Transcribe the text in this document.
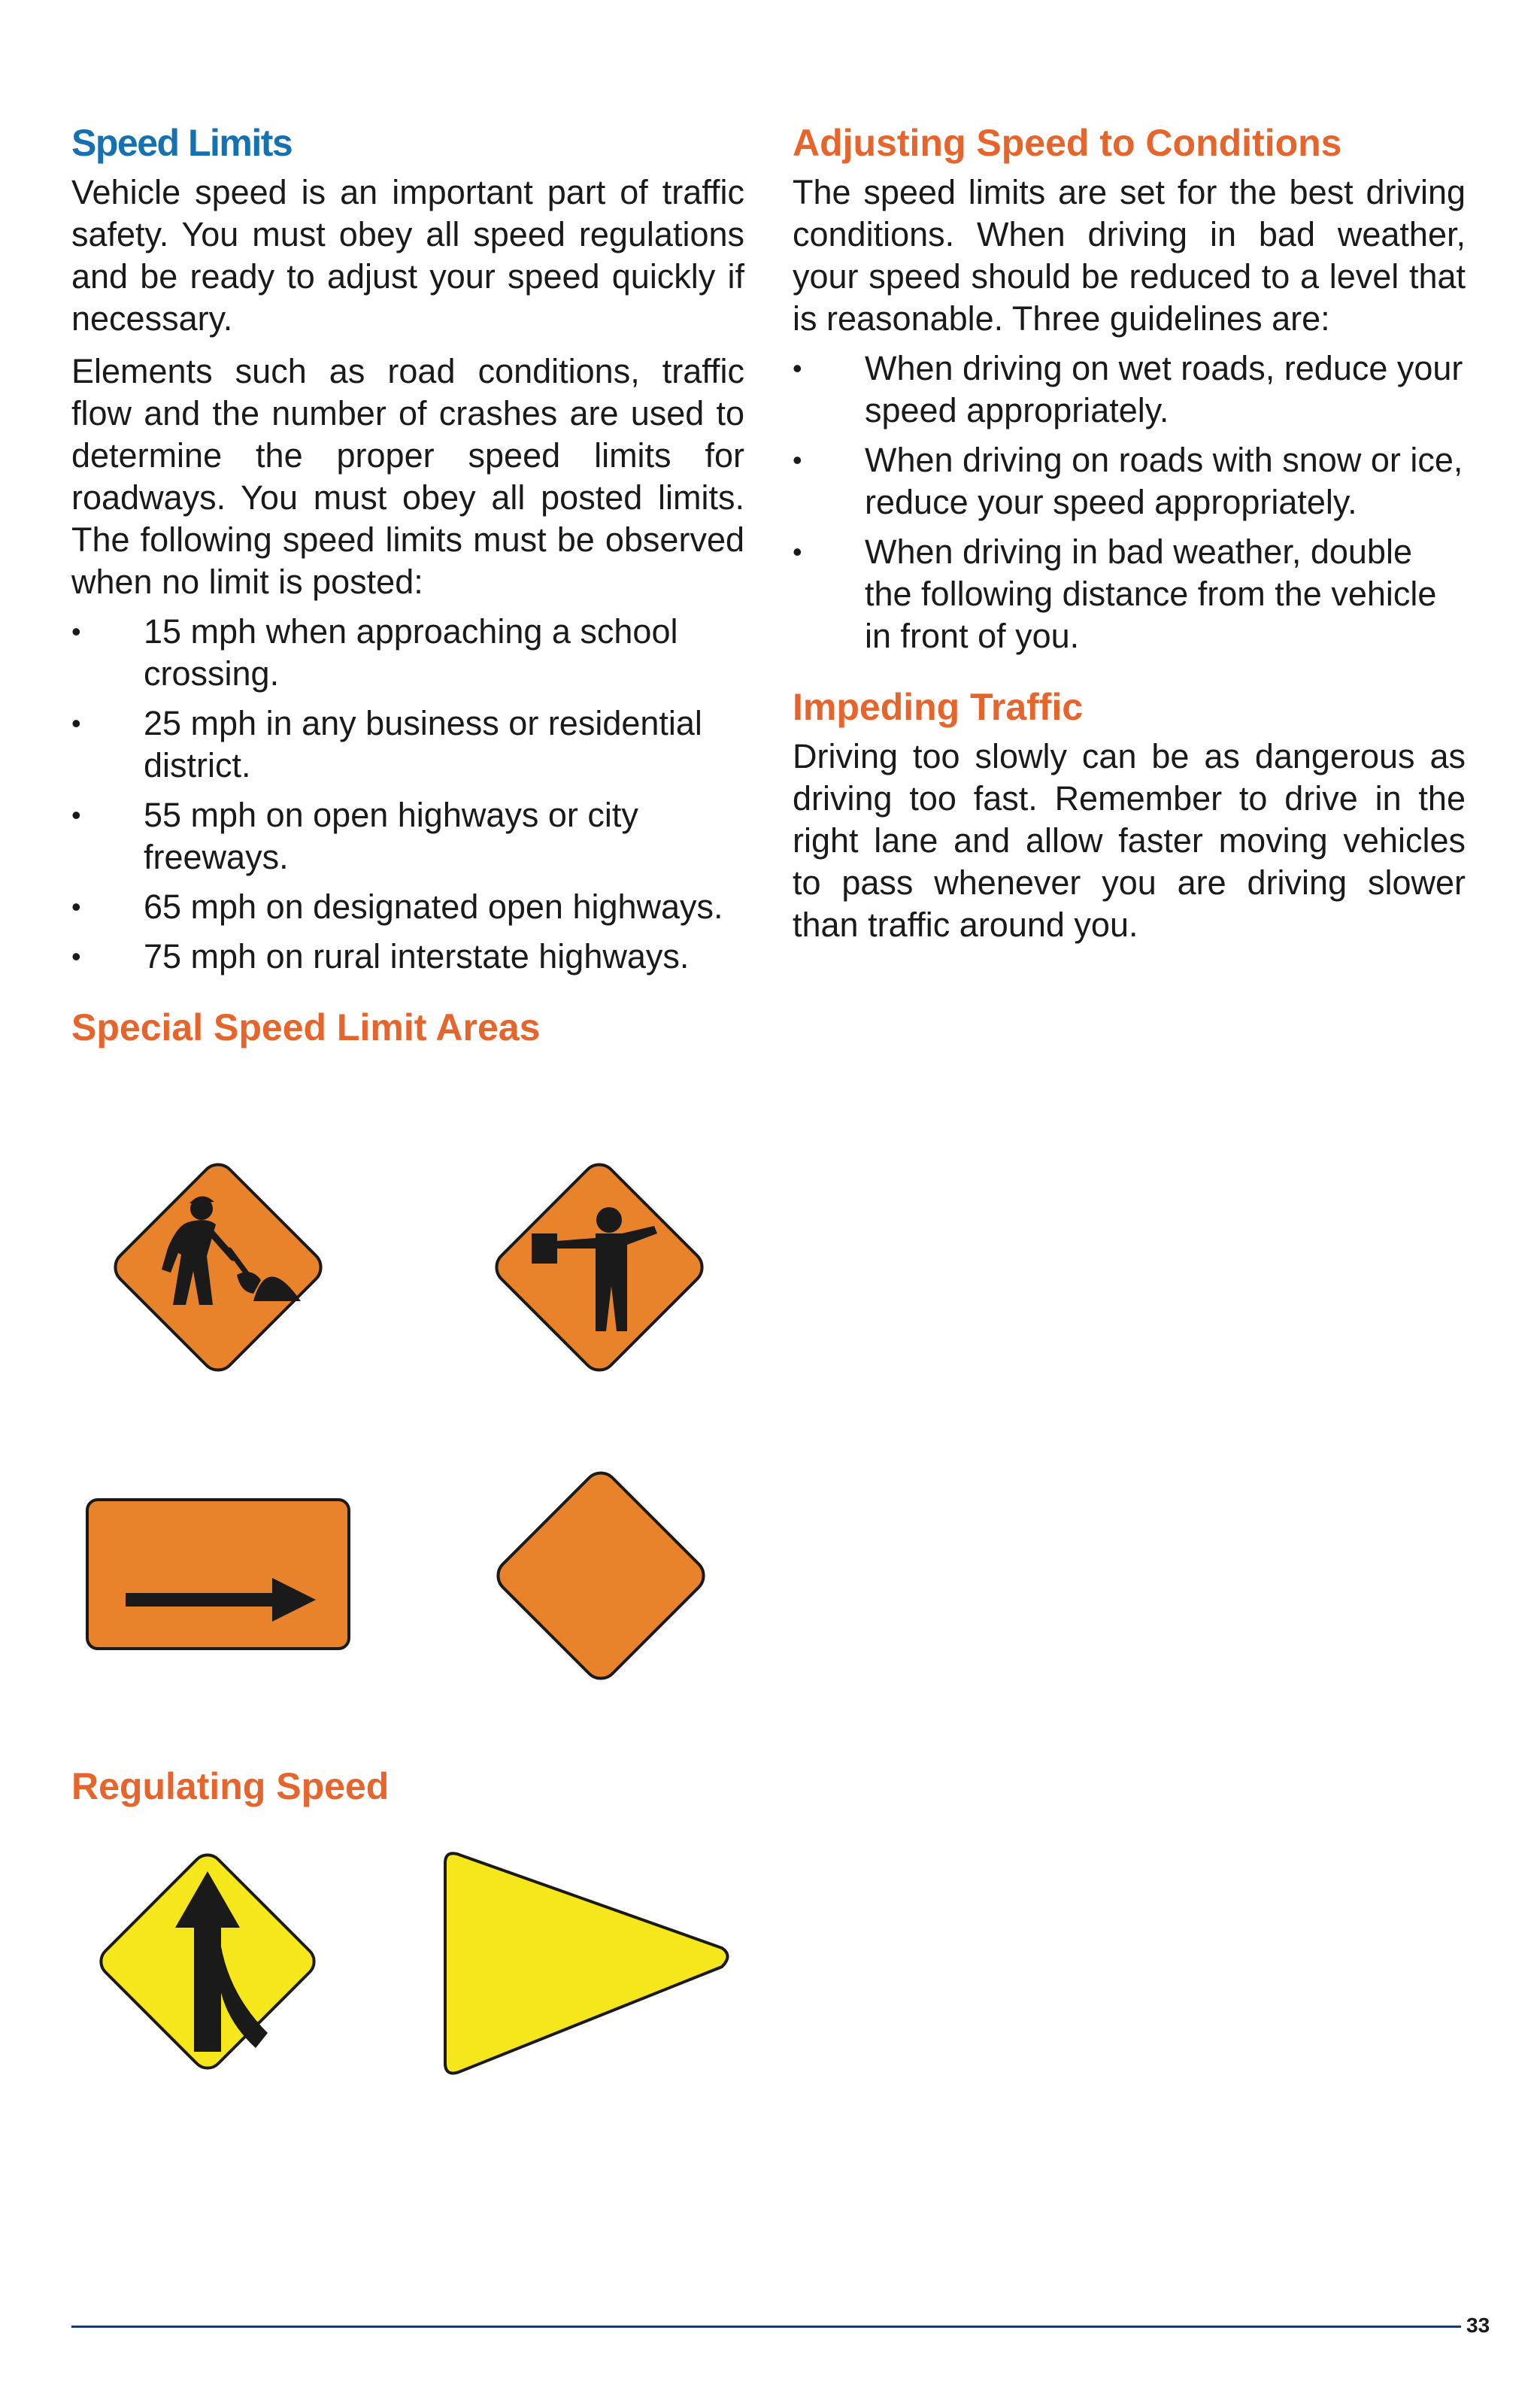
Speed Limits

Vehicle speed is an important part of traffic safety. You must obey all speed regulations and be ready to adjust your speed quickly if necessary.

Elements such as road conditions, traffic flow and the number of crashes are used to determine the proper speed limits for roadways. You must obey all posted limits. The following speed limits must be observed when no limit is posted:

•	15 mph when approaching a school crossing.
•	25 mph in any business or residential district.
•	55 mph on open highways or city freeways.
•	65 mph on designated open highways.
•	75 mph on rural interstate highways.
Special Speed Limit Areas
Regulating Speed
Adjusting Speed to Conditions

The speed limits are set for the best driving conditions. When driving in bad weather, your speed should be reduced to a level that is reasonable. Three guidelines are:

•	When driving on wet roads, reduce your speed appropriately.
•	When driving on roads with snow or ice, reduce your speed appropriately.
•	When driving in bad weather, double the following distance from the vehicle in front of you.
Impeding Traffic

Driving too slowly can be as dangerous as driving too fast. Remember to drive in the right lane and allow faster moving vehicles to pass whenever you are driving slower than traffic around you.

33
